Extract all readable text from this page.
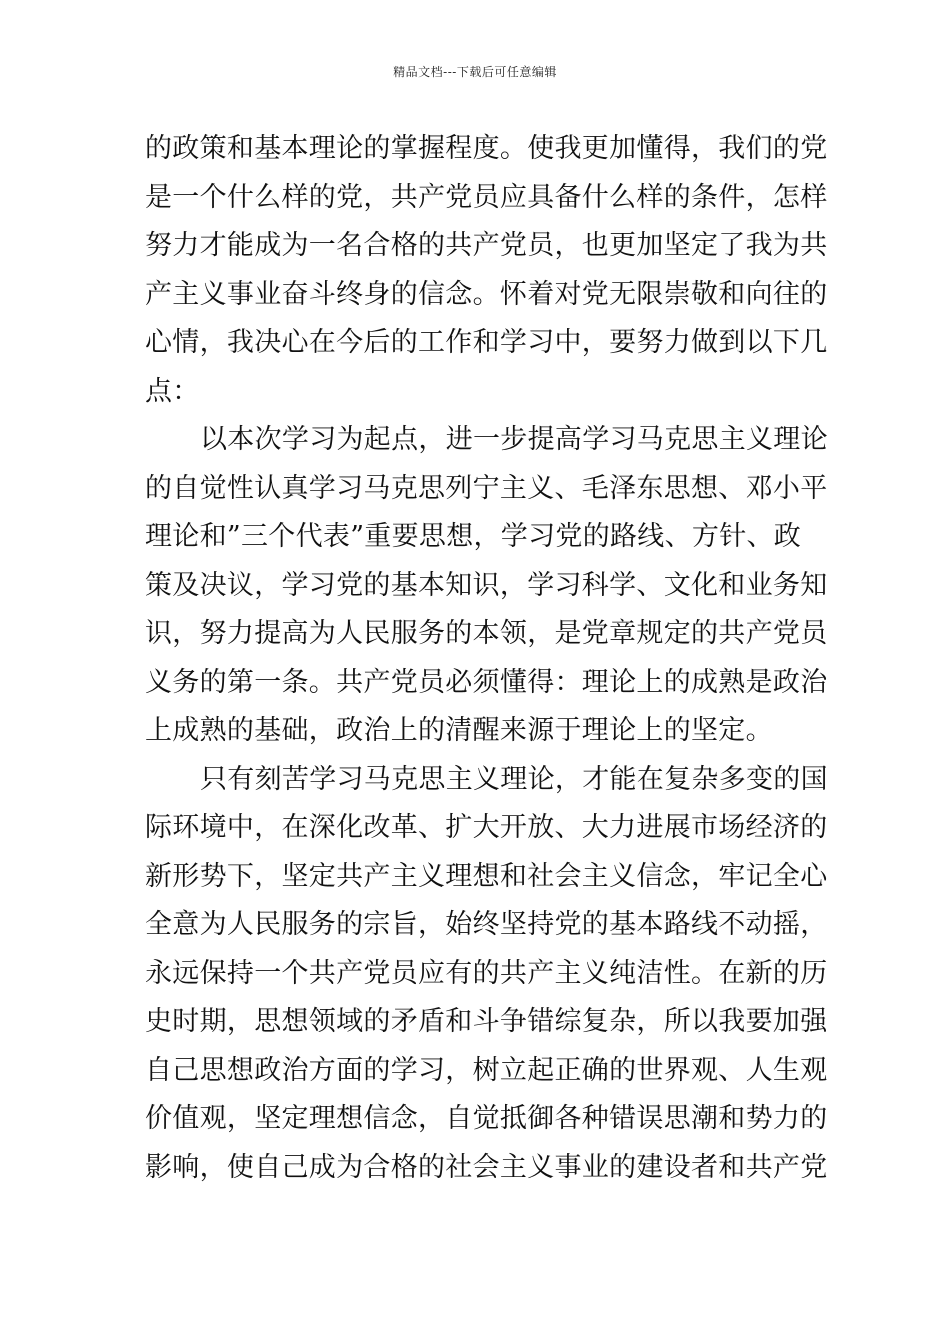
精品文档---下载后可任意编辑
的政策和基本理论的掌握程度。使我更加懂得，我们的党
是一个什么样的党，共产党员应具备什么样的条件，怎样
努力才能成为一名合格的共产党员，也更加坚定了我为共
产主义事业奋斗终身的信念。怀着对党无限崇敬和向往的
心情，我决心在今后的工作和学习中，要努力做到以下几
点：
以本次学习为起点，进一步提高学习马克思主义理论
的自觉性认真学习马克思列宁主义、毛泽东思想、邓小平
理论和”三个代表”重要思想，学习党的路线、方针、政
策及决议，学习党的基本知识，学习科学、文化和业务知
识，努力提高为人民服务的本领，是党章规定的共产党员
义务的第一条。共产党员必须懂得：理论上的成熟是政治
上成熟的基础，政治上的清醒来源于理论上的坚定。
只有刻苦学习马克思主义理论，才能在复杂多变的国
际环境中，在深化改革、扩大开放、大力进展市场经济的
新形势下，坚定共产主义理想和社会主义信念，牢记全心
全意为人民服务的宗旨，始终坚持党的基本路线不动摇，
永远保持一个共产党员应有的共产主义纯洁性。在新的历
史时期，思想领域的矛盾和斗争错综复杂，所以我要加强
自己思想政治方面的学习，树立起正确的世界观、人生观
价值观，坚定理想信念，自觉抵御各种错误思潮和势力的
影响，使自己成为合格的社会主义事业的建设者和共产党
